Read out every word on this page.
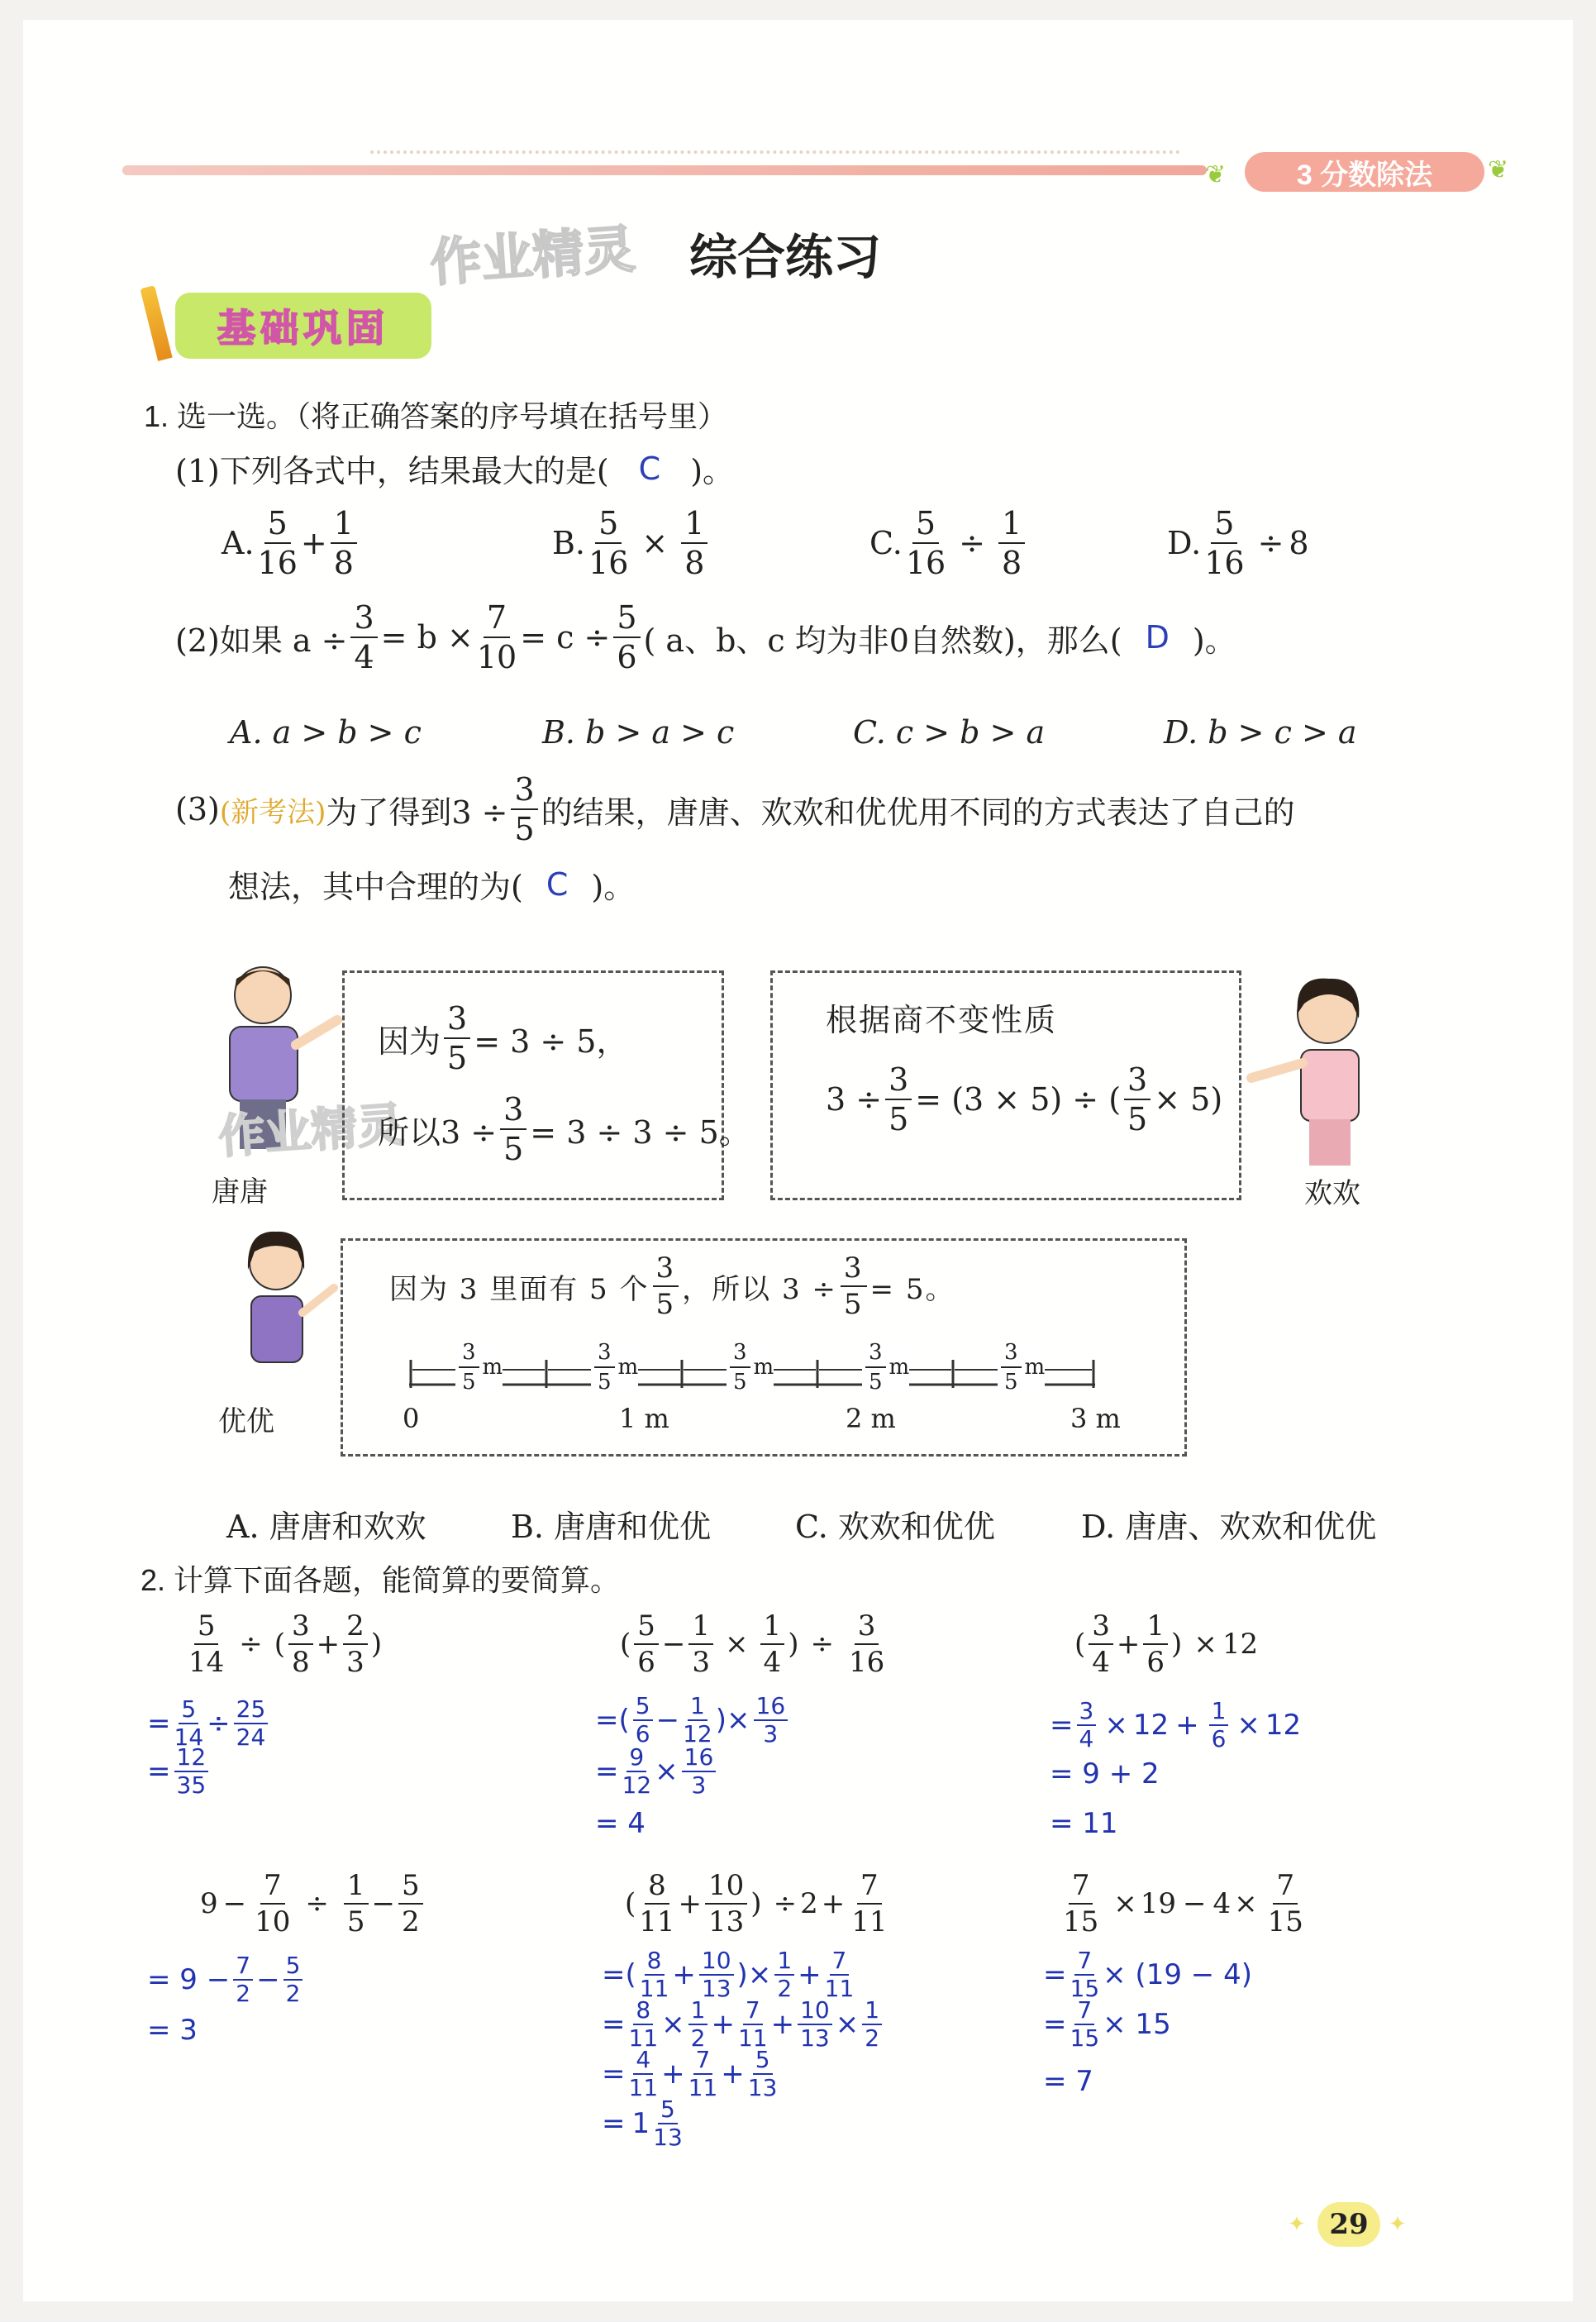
3 分数除法
❦	❦
作业精灵 综合练习
基础巩固
1. 选一选。（将正确答案的序号填在括号里）
(1)下列各式中，结果最大的是( C )。
A. $\frac{5}{16} + \frac{1}{8}$	B. $\frac{5}{16} \times \frac{1}{8}$	C. $\frac{5}{16} \div \frac{1}{8}$	D. $\frac{5}{16} \div 8$
(2)如果 $a \div \frac{3}{4} = b \times \frac{7}{10} = c \div \frac{5}{6}$ ( a、b、c 均为非0自然数)，那么( D )。
A. a > b > c	B. b > a > c	C. c > b > a	D. b > c > a
(3) (新考法) 为了得到$3 \div \frac{3}{5}$ 的结果，唐唐、欢欢和优优用不同的方式表达了自己的
想法，其中合理的为( C )。
唐唐
作业精灵
因为 $\frac{3}{5} = 3 \div 5$，
所以$3 \div \frac{3}{5} = 3 \div 3 \div 5$。
根据商不变性质
$3 \div \frac{3}{5} = (3 \times 5)$ ÷ ( $\frac{3}{5} \times 5$)
欢欢
优优
因为 3 里面有 5 个 $\frac{3}{5}$ ，所以 $3 \div \frac{3}{5} = 5$。
$\frac{3}{5}$ m	$\frac{3}{5}$ m	$\frac{3}{5}$ m	$\frac{3}{5}$ m	$\frac{3}{5}$ m
0	1 m	2 m	3 m
A. 唐唐和欢欢	B. 唐唐和优优	C. 欢欢和优优	D. 唐唐、欢欢和优优
2. 计算下面各题，能简算的要简算。
$\frac{5}{14}$ ÷ ( $\frac{3}{8} + \frac{2}{3}$ )
= $\frac{5}{14} \div \frac{25}{24}$
= $\frac{12}{35}$
( $\frac{5}{6} - \frac{1}{3} \times \frac{1}{4}$ ) ÷ $\frac{3}{16}$
= ( $\frac{5}{6} - \frac{1}{12}$ ) × $\frac{16}{3}$
= $\frac{9}{12} \times \frac{16}{3}$
= 4
( $\frac{3}{4} + \frac{1}{6}$ ) × 12
= $\frac{3}{4} \times 12 + \frac{1}{6} \times 12$
= 9 + 2
= 11
$9 - \frac{7}{10} \div \frac{1}{5} - \frac{5}{2}$
= $9 - \frac{7}{2} - \frac{5}{2}$
= 3
( $\frac{8}{11} + \frac{10}{13}$ ) ÷ $2 + \frac{7}{11}$
= ( $\frac{8}{11} + \frac{10}{13}$ ) × $\frac{1}{2} + \frac{7}{11}$
= $\frac{8}{11} \times \frac{1}{2} + \frac{7}{11} + \frac{10}{13} \times \frac{1}{2}$
= $\frac{4}{11} + \frac{7}{11} + \frac{5}{13}$
= $1 \frac{5}{13}$
$\frac{7}{15} \times 19 - 4 \times \frac{7}{15}$
= $\frac{7}{15} \times (19 - 4)$
= $\frac{7}{15} \times 15$
= 7
29
✦	✦
